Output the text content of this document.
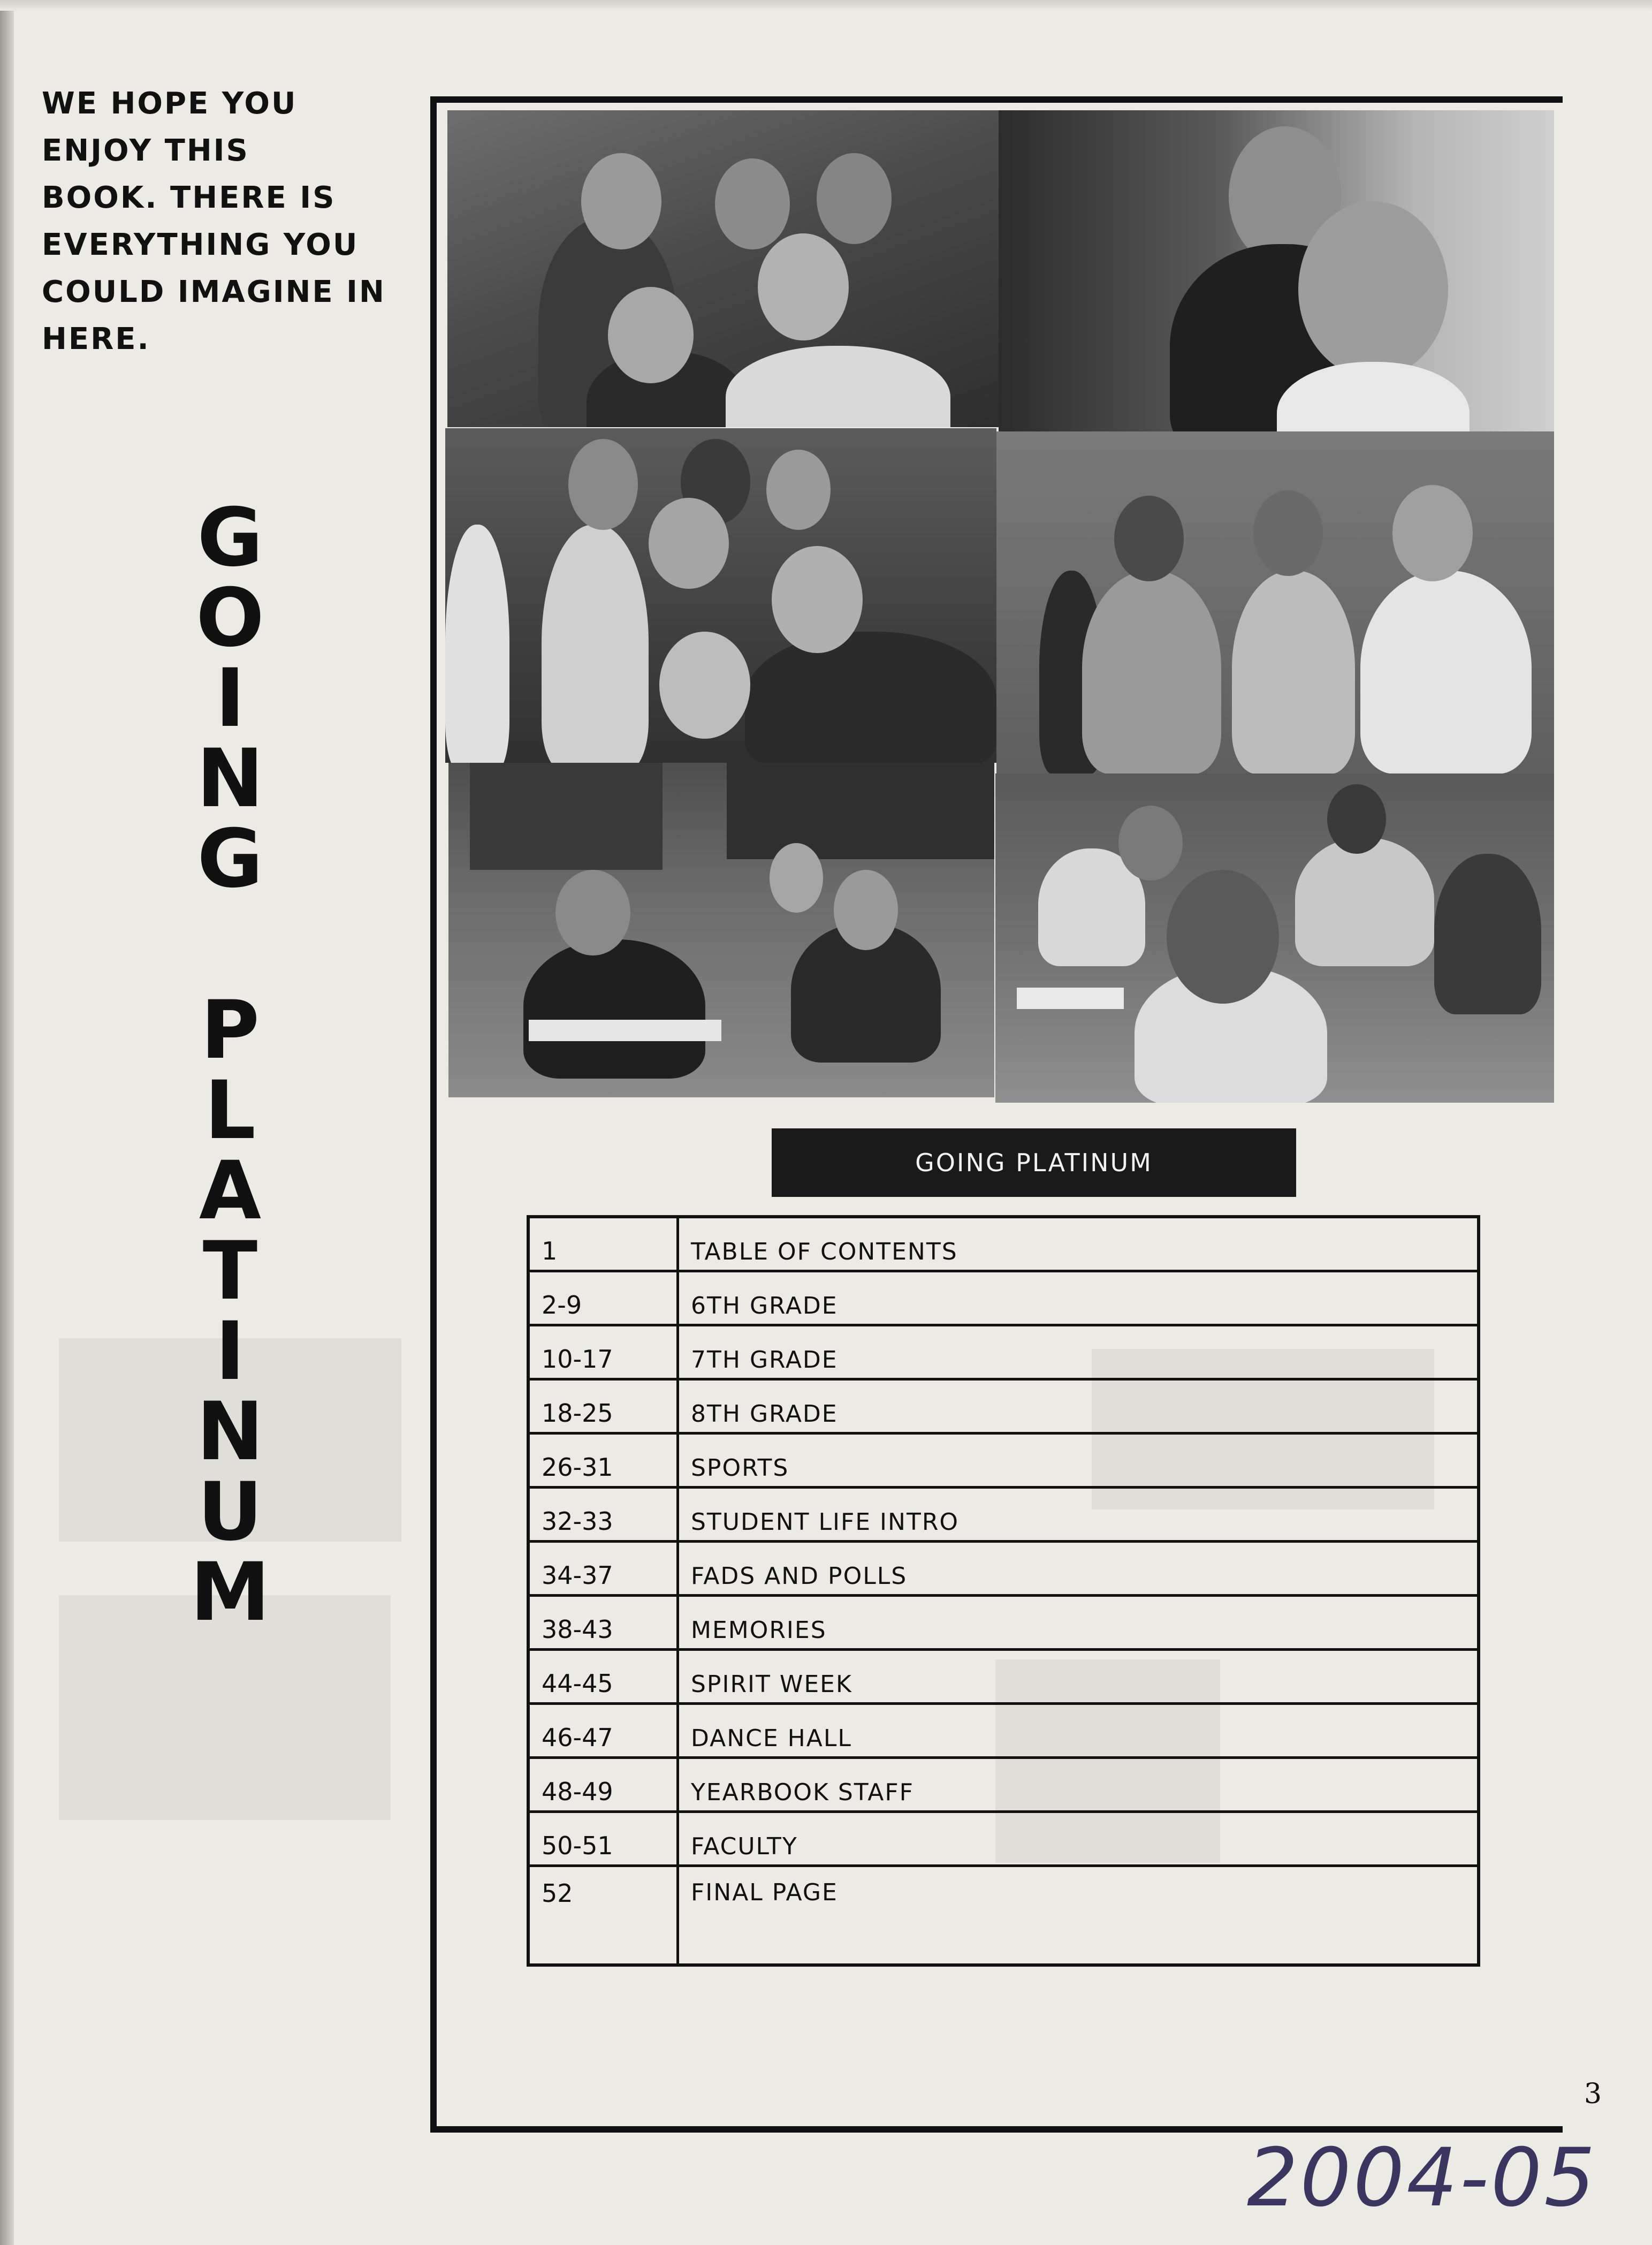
WE HOPE YOU
ENJOY THIS
BOOK. THERE IS
EVERYTHING YOU
COULD IMAGINE IN
HERE.
G
O
I
N
G
P
L
A
T
I
N
U
M
GOING PLATINUM
1	TABLE OF CONTENTS
2-9	6TH GRADE
10-17	7TH GRADE
18-25	8TH GRADE
26-31	SPORTS
32-33	STUDENT LIFE INTRO
34-37	FADS AND POLLS
38-43	MEMORIES
44-45	SPIRIT WEEK
46-47	DANCE HALL
48-49	YEARBOOK STAFF
50-51	FACULTY
52	FINAL PAGE
3
2004-05
